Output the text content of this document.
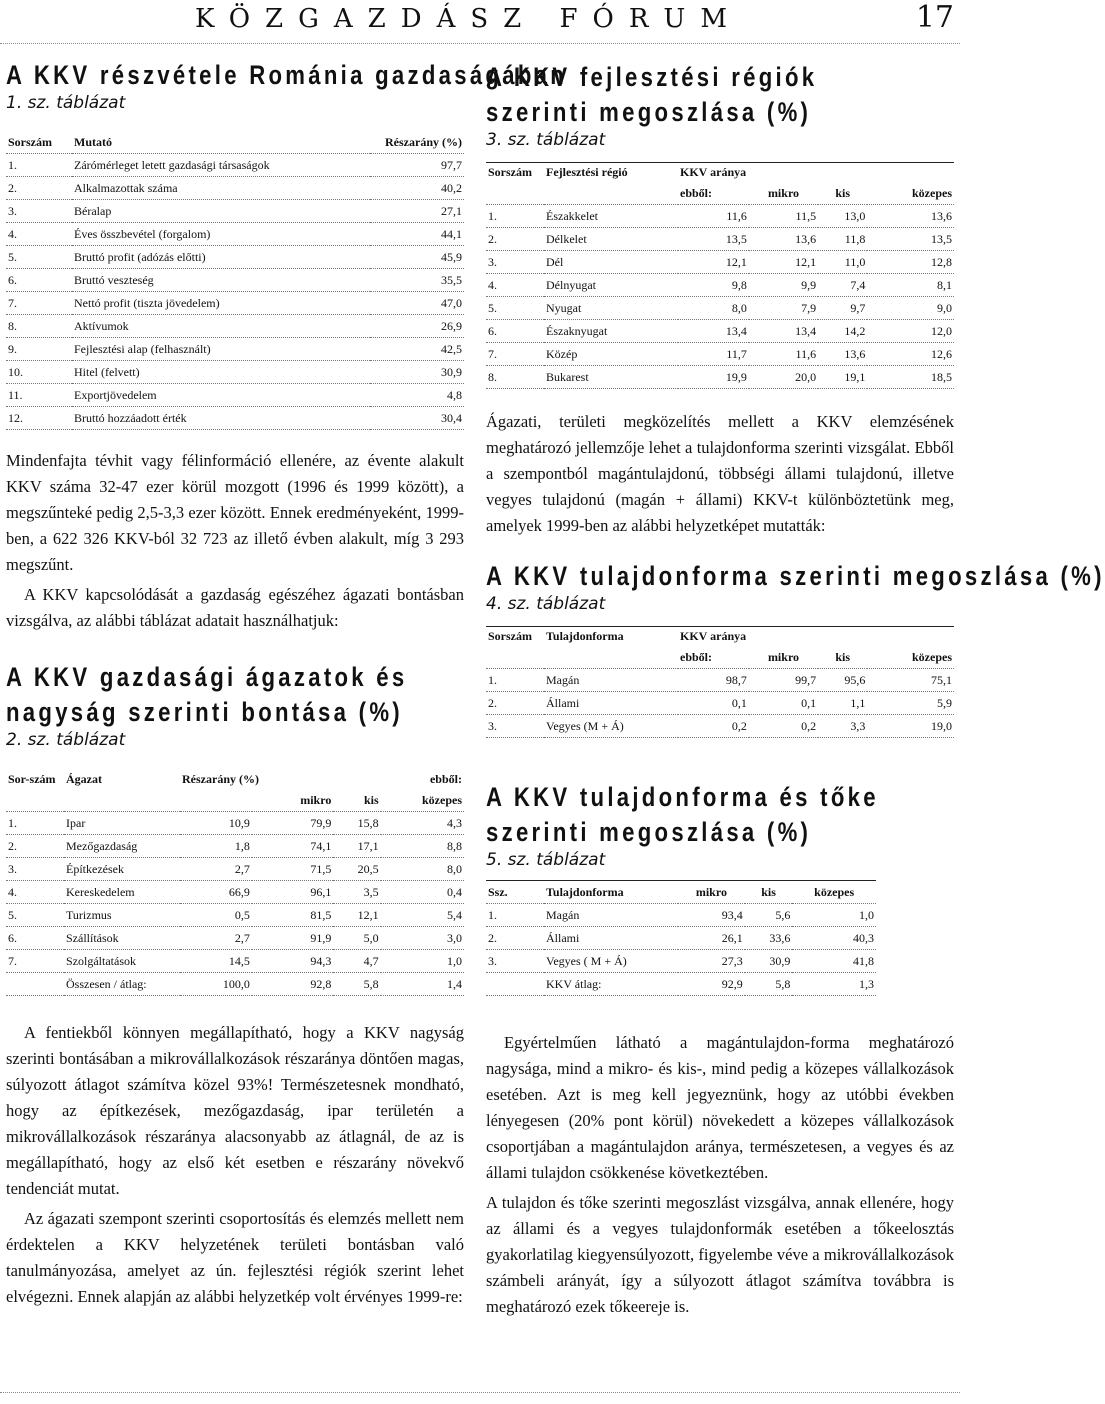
KÖZGAZDÁSZ FÓRUM	17
A KKV részvétele Románia gazdaságában
1. sz. táblázat
Sorszám	Mutató	Részarány (%)
1.	Zárómérleget letett gazdasági társaságok	97,7
2.	Alkalmazottak száma	40,2
3.	Béralap	27,1
4.	Éves összbevétel (forgalom)	44,1
5.	Bruttó profit (adózás előtti)	45,9
6.	Bruttó veszteség	35,5
7.	Nettó profit (tiszta jövedelem)	47,0
8.	Aktívumok	26,9
9.	Fejlesztési alap (felhasznált)	42,5
10.	Hitel (felvett)	30,9
11.	Exportjövedelem	4,8
12.	Bruttó hozzáadott érték	30,4

Mindenfajta tévhit vagy félinformáció ellenére, az évente alakult KKV száma 32-47 ezer körül mozgott (1996 és 1999 között), a megszűnteké pedig 2,5-3,3 ezer között. Ennek eredményeként, 1999-ben, a 622 326 KKV-ból 32 723 az illető évben alakult, míg 3 293 megszűnt.

A KKV kapcsolódását a gazdaság egészéhez ágazati bontásban vizsgálva, az alábbi táblázat adatait használhatjuk:

A KKV gazdasági ágazatok és
nagyság szerinti bontása (%)
2. sz. táblázat
Sor-szám	Ágazat	Részarány (%)			ebből:
			mikro	kis	közepes
1.	Ipar	10,9	79,9	15,8	4,3
2.	Mezőgazdaság	1,8	74,1	17,1	8,8
3.	Építkezések	2,7	71,5	20,5	8,0
4.	Kereskedelem	66,9	96,1	3,5	0,4
5.	Turizmus	0,5	81,5	12,1	5,4
6.	Szállítások	2,7	91,9	5,0	3,0
7.	Szolgáltatások	14,5	94,3	4,7	1,0
	Összesen / átlag:	100,0	92,8	5,8	1,4

A fentiekből könnyen megállapítható, hogy a KKV nagyság szerinti bontásában a mikrovállalkozások részaránya döntően magas, súlyozott átlagot számítva közel 93%! Természetesnek mondható, hogy az építkezések, mezőgazdaság, ipar területén a mikrovállalkozások részaránya alacsonyabb az átlagnál, de az is megállapítható, hogy az első két esetben e részarány növekvő tendenciát mutat.

Az ágazati szempont szerinti csoportosítás és elemzés mellett nem érdektelen a KKV helyzetének területi bontásban való tanulmányozása, amelyet az ún. fejlesztési régiók szerint lehet elvégezni. Ennek alapján az alábbi helyzetkép volt érvényes 1999-re:

A KKV fejlesztési régiók
szerinti megoszlása (%)
3. sz. táblázat
Sorszám	Fejlesztési régió	KKV aránya			
		ebből:	mikro	kis	közepes
1.	Északkelet	11,6	11,5	13,0	13,6
2.	Délkelet	13,5	13,6	11,8	13,5
3.	Dél	12,1	12,1	11,0	12,8
4.	Délnyugat	9,8	9,9	7,4	8,1
5.	Nyugat	8,0	7,9	9,7	9,0
6.	Északnyugat	13,4	13,4	14,2	12,0
7.	Közép	11,7	11,6	13,6	12,6
8.	Bukarest	19,9	20,0	19,1	18,5

Ágazati, területi megközelítés mellett a KKV elemzésének meghatározó jellemzője lehet a tulajdonforma szerinti vizsgálat. Ebből a szempontból magántulajdonú, többségi állami tulajdonú, illetve vegyes tulajdonú (magán + állami) KKV-t különböztetünk meg, amelyek 1999-ben az alábbi helyzetképet mutatták:

A KKV tulajdonforma szerinti megoszlása (%)
4. sz. táblázat
Sorszám	Tulajdonforma	KKV aránya			
		ebből:	mikro	kis	közepes
1.	Magán	98,7	99,7	95,6	75,1
2.	Állami	0,1	0,1	1,1	5,9
3.	Vegyes (M + Á)	0,2	0,2	3,3	19,0
A KKV tulajdonforma és tőke
szerinti megoszlása (%)
5. sz. táblázat
Ssz.	Tulajdonforma	mikro	kis	közepes
1.	Magán	93,4	5,6	1,0
2.	Állami	26,1	33,6	40,3
3.	Vegyes ( M + Á)	27,3	30,9	41,8
	KKV átlag:	92,9	5,8	1,3

Egyértelműen látható a magántulajdon-forma meghatározó nagysága, mind a mikro- és kis-, mind pedig a közepes vállalkozások esetében. Azt is meg kell jegyeznünk, hogy az utóbbi években lényegesen (20% pont körül) növekedett a közepes vállalkozások csoportjában a magántulajdon aránya, természetesen, a vegyes és az állami tulajdon csökkenése következtében.

A tulajdon és tőke szerinti megoszlást vizsgálva, annak ellenére, hogy az állami és a vegyes tulajdonformák esetében a tőkeelosztás gyakorlatilag kiegyensúlyozott, figyelembe véve a mikrovállalkozások számbeli arányát, így a súlyozott átlagot számítva továbbra is meghatározó ezek tőkeereje is.
